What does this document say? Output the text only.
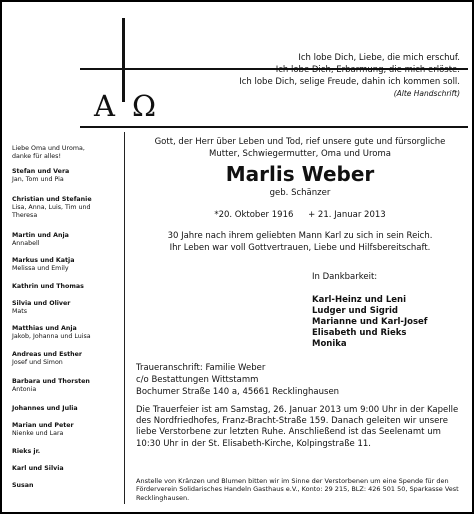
A Ω
Ich lobe Dich, Liebe, die mich erschuf.
Ich lobe Dich, Erbarmung, die mich erlöste.
Ich lobe Dich, selige Freude, dahin ich kommen soll.
(Alte Handschrift)
Gott, der Herr über Leben und Tod, rief unsere gute und fürsorgliche
Mutter, Schwiegermutter, Oma und Uroma
Marlis Weber
geb. Schänzer
*20. Oktober 1916 + 21. Januar 2013
30 Jahre nach ihrem geliebten Mann Karl zu sich in sein Reich.
Ihr Leben war voll Gottvertrauen, Liebe und Hilfsbereitschaft.
In Dankbarkeit:
Karl-Heinz und Leni
Ludger und Sigrid
Marianne und Karl-Josef
Elisabeth und Rieks
Monika
Traueranschrift: Familie Weber
c/o Bestattungen Wittstamm
Bochumer Straße 140 a, 45661 Recklinghausen
Die Trauerfeier ist am Samstag, 26. Januar 2013 um 9:00 Uhr in der Kapelle des Nordfriedhofes, Franz-Bracht-Straße 159. Danach geleiten wir unsere liebe Verstorbene zur letzten Ruhe. Anschließend ist das Seelenamt um 10:30 Uhr in der St. Elisabeth-Kirche, Kolpingstraße 11.
Anstelle von Kränzen und Blumen bitten wir im Sinne der Verstorbenen um eine Spende für den Förderverein Solidarisches Handeln Gasthaus e.V., Konto: 29 215, BLZ: 426 501 50, Sparkasse Vest Recklinghausen.
Liebe Oma und Uroma,
danke für alles!
Stefan und Vera
Jan, Tom und Pia
Christian und Stefanie
Lisa, Anna, Luis, Tim und
Theresa
Martin und Anja
Annabell
Markus und Katja
Melissa und Emily
Kathrin und Thomas
Silvia und Oliver
Mats
Matthias und Anja
Jakob, Johanna und Luisa
Andreas und Esther
Josef und Simon
Barbara und Thorsten
Antonia
Johannes und Julia
Marian und Peter
Nienke und Lara
Rieks jr.
Karl und Silvia
Susan
